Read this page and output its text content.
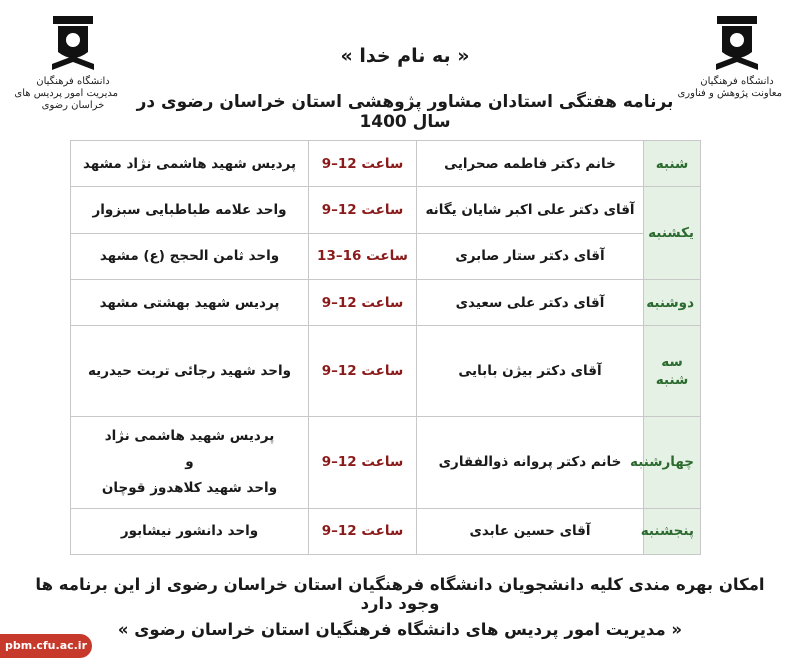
دانشگاه فرهنگیان
مدیریت امور پردیس های
خراسان رضوی
دانشگاه فرهنگیان
معاونت پژوهش و فناوری
« به نام خدا »
برنامه هفتگی استادان مشاور پژوهشی استان خراسان رضوی در سال 1400
شنبه	خانم دکتر فاطمه صحرایی	ساعت 12–9	پردیس شهید هاشمی نژاد مشهد
یکشنبه	آقای دکتر علی اکبر شایان یگانه	ساعت 12–9	واحد علامه طباطبایی سبزوار
	آقای دکتر ستار صابری	ساعت 16–13	واحد ثامن الحجج (ع) مشهد
دوشنبه	آقای دکتر علی سعیدی	ساعت 12–9	پردیس شهید بهشتی مشهد
سه شنبه	آقای دکتر بیژن بابایی	ساعت 12–9	واحد شهید رجائی تربت حیدریه
چهارشنبه	خانم دکتر پروانه ذوالفقاری	ساعت 12–9	پردیس شهید هاشمی نژاد
و
واحد شهید کلاهدوز قوچان

پنجشنبه	آقای حسین عابدی	ساعت 12–9	واحد دانشور نیشابور
امکان بهره مندی کلیه دانشجویان دانشگاه فرهنگیان استان خراسان رضوی از این برنامه ها وجود دارد
« مدیریت امور پردیس های دانشگاه فرهنگیان استان خراسان رضوی »
pbm.cfu.ac.ir
